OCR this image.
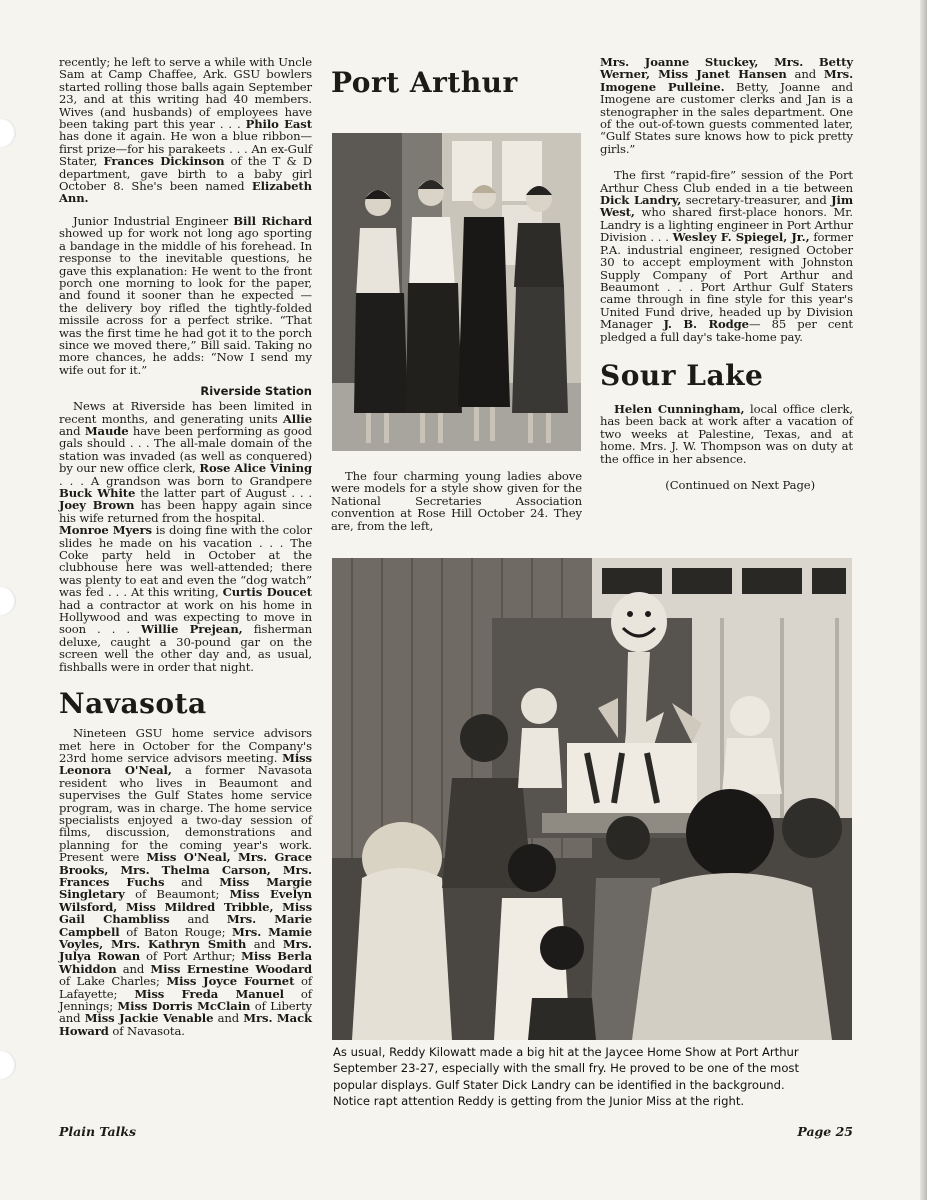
recently; he left to serve a while with Uncle Sam at Camp Chaffee, Ark. GSU bowlers started rolling those balls again September 23, and at this writing had 40 members. Wives (and husbands) of employees have been taking part this year . . . Philo East has done it again. He won a blue ribbon—first prize—for his parakeets . . . An ex-Gulf Stater, Frances Dickinson of the T & D department, gave birth to a baby girl October 8. She's been named Elizabeth Ann.

Junior Industrial Engineer Bill Richard showed up for work not long ago sporting a bandage in the middle of his forehead. In response to the inevitable questions, he gave this explanation: He went to the front porch one morning to look for the paper, and found it sooner than he expected — the delivery boy rifled the tightly-folded missile across for a perfect strike. “That was the first time he had got it to the porch since we moved there,” Bill said. Taking no more chances, he adds: “Now I send my wife out for it.”

Riverside Station

News at Riverside has been limited in recent months, and generating units Allie and Maude have been performing as good gals should . . . The all-male domain of the station was invaded (as well as conquered) by our new office clerk, Rose Alice Vining . . . A grandson was born to Grandpere Buck White the latter part of August . . . Joey Brown has been happy again since his wife returned from the hospital.

Monroe Myers is doing fine with the color slides he made on his vacation . . . The Coke party held in October at the clubhouse here was well-attended; there was plenty to eat and even the “dog watch” was fed . . . At this writing, Curtis Doucet had a contractor at work on his home in Hollywood and was expecting to move in soon . . . Willie Prejean, fisherman deluxe, caught a 30-pound gar on the screen well the other day and, as usual, fishballs were in order that night.

Navasota

Nineteen GSU home service advisors met here in October for the Company's 23rd home service advisors meeting. Miss Leonora O'Neal, a former Navasota resident who lives in Beaumont and supervises the Gulf States home service program, was in charge. The home service specialists enjoyed a two-day session of films, discussion, demonstrations and planning for the coming year's work. Present were Miss O'Neal, Mrs. Grace Brooks, Mrs. Thelma Carson, Mrs. Frances Fuchs and Miss Margie Singletary of Beaumont; Miss Evelyn Wilsford, Miss Mildred Tribble, Miss Gail Chambliss and Mrs. Marie Campbell of Baton Rouge; Mrs. Mamie Voyles, Mrs. Kathryn Smith and Mrs. Julya Rowan of Port Arthur; Miss Berla Whiddon and Miss Ernestine Woodard of Lake Charles; Miss Joyce Fournet of Lafayette; Miss Freda Manuel of Jennings; Miss Dorris McClain of Liberty and Miss Jackie Venable and Mrs. Mack Howard of Navasota.

Port Arthur

The four charming young ladies above were models for a style show given for the National Secretaries Association convention at Rose Hill October 24. They are, from the left,

Mrs. Joanne Stuckey, Mrs. Betty Werner, Miss Janet Hansen and Mrs. Imogene Pulleine. Betty, Joanne and Imogene are customer clerks and Jan is a stenographer in the sales department. One of the out-of-town guests commented later, “Gulf States sure knows how to pick pretty girls.”

The first “rapid-fire” session of the Port Arthur Chess Club ended in a tie between Dick Landry, secretary-treasurer, and Jim West, who shared first-place honors. Mr. Landry is a lighting engineer in Port Arthur Division . . . Wesley F. Spiegel, Jr., former P.A. industrial engineer, resigned October 30 to accept employment with Johnston Supply Company of Port Arthur and Beaumont . . . Port Arthur Gulf Staters came through in fine style for this year's United Fund drive, headed up by Division Manager J. B. Rodge— 85 per cent pledged a full day's take-home pay.

Sour Lake

Helen Cunningham, local office clerk, has been back at work after a vacation of two weeks at Palestine, Texas, and at home. Mrs. J. W. Thompson was on duty at the office in her absence.

(Continued on Next Page)

As usual, Reddy Kilowatt made a big hit at the Jaycee Home Show at Port Arthur
September 23-27, especially with the small fry. He proved to be one of the most
popular displays. Gulf Stater Dick Landry can be identified in the background.
Notice rapt attention Reddy is getting from the Junior Miss at the right.
Plain Talks	Page 25
